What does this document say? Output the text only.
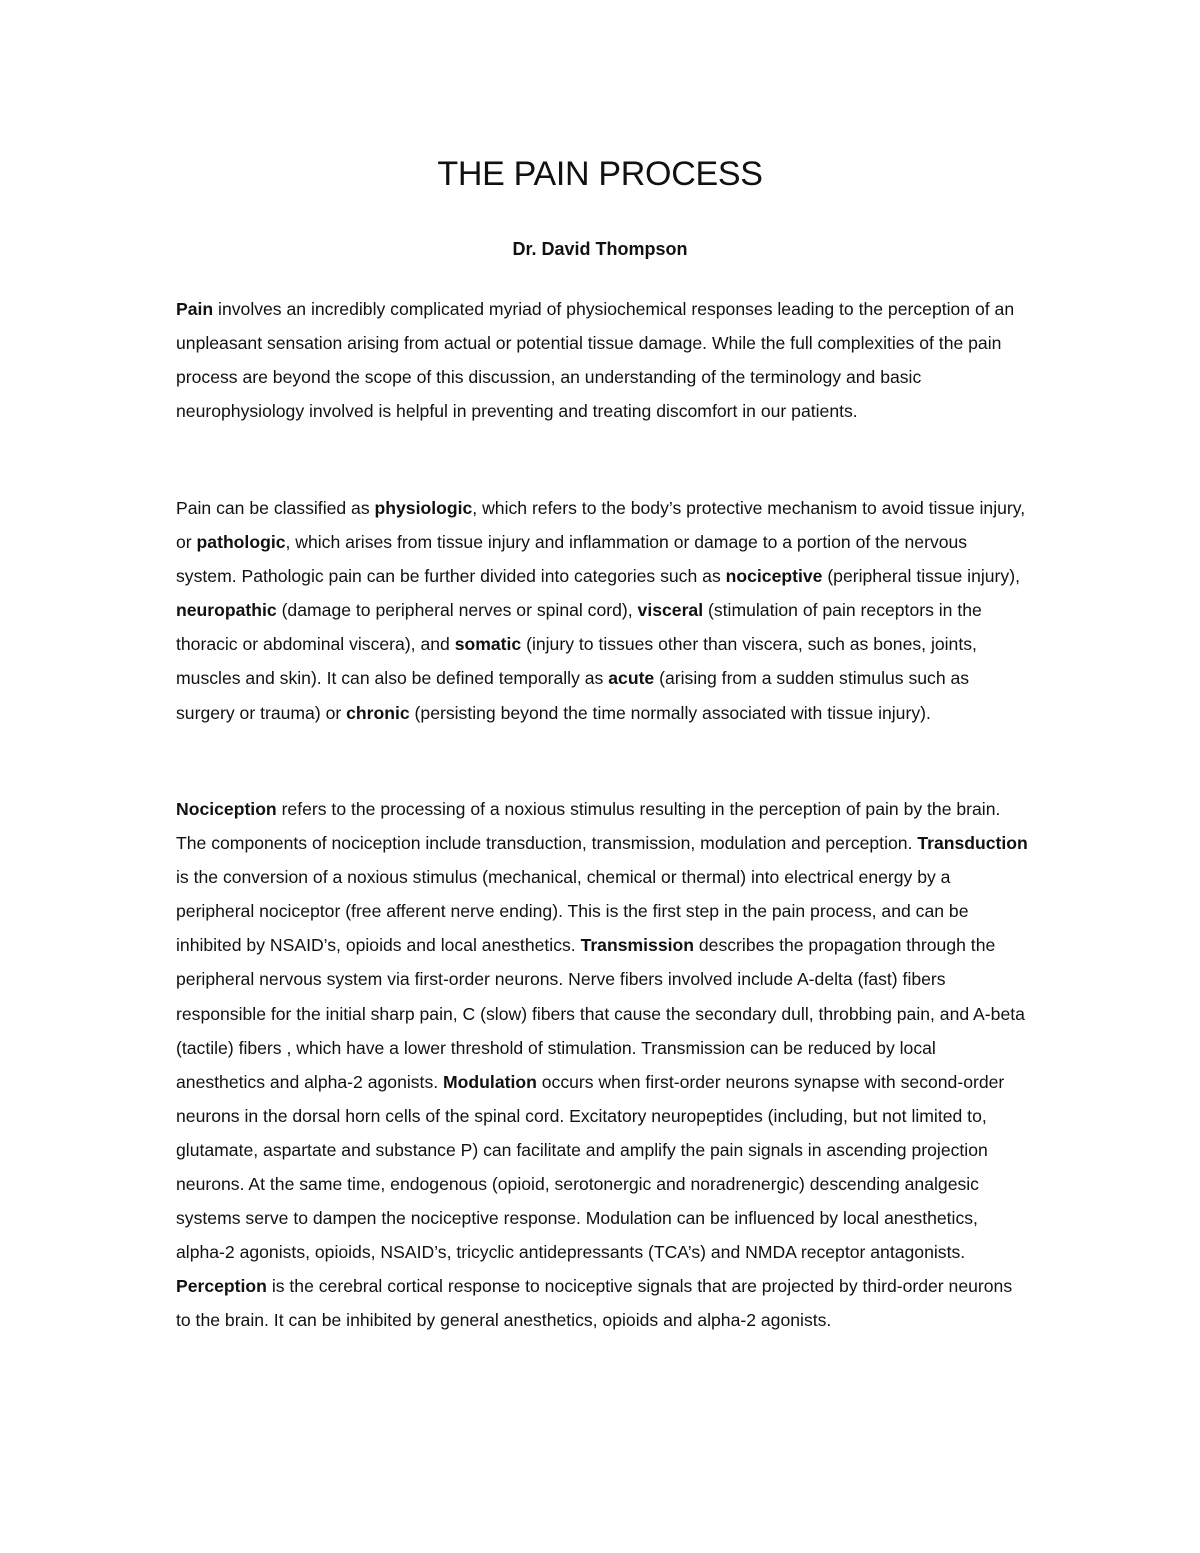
THE PAIN PROCESS

Dr. David Thompson

Pain involves an incredibly complicated myriad of physiochemical responses leading to the perception of an unpleasant sensation arising from actual or potential tissue damage. While the full complexities of the pain process are beyond the scope of this discussion, an understanding of the terminology and basic neurophysiology involved is helpful in preventing and treating discomfort in our patients.

Pain can be classified as physiologic, which refers to the body’s protective mechanism to avoid tissue injury, or pathologic, which arises from tissue injury and inflammation or damage to a portion of the nervous system. Pathologic pain can be further divided into categories such as nociceptive (peripheral tissue injury), neuropathic (damage to peripheral nerves or spinal cord), visceral (stimulation of pain receptors in the thoracic or abdominal viscera), and somatic (injury to tissues other than viscera, such as bones, joints, muscles and skin). It can also be defined temporally as acute (arising from a sudden stimulus such as surgery or trauma) or chronic (persisting beyond the time normally associated with tissue injury).

Nociception refers to the processing of a noxious stimulus resulting in the perception of pain by the brain. The components of nociception include transduction, transmission, modulation and perception. Transduction is the conversion of a noxious stimulus (mechanical, chemical or thermal) into electrical energy by a peripheral nociceptor (free afferent nerve ending). This is the first step in the pain process, and can be inhibited by NSAID’s, opioids and local anesthetics. Transmission describes the propagation through the peripheral nervous system via first-order neurons. Nerve fibers involved include A-delta (fast) fibers responsible for the initial sharp pain, C (slow) fibers that cause the secondary dull, throbbing pain, and A-beta (tactile) fibers , which have a lower threshold of stimulation. Transmission can be reduced by local anesthetics and alpha-2 agonists. Modulation occurs when first-order neurons synapse with second-order neurons in the dorsal horn cells of the spinal cord. Excitatory neuropeptides (including, but not limited to, glutamate, aspartate and substance P) can facilitate and amplify the pain signals in ascending projection neurons. At the same time, endogenous (opioid, serotonergic and noradrenergic) descending analgesic systems serve to dampen the nociceptive response. Modulation can be influenced by local anesthetics, alpha-2 agonists, opioids, NSAID’s, tricyclic antidepressants (TCA’s) and NMDA receptor antagonists. Perception is the cerebral cortical response to nociceptive signals that are projected by third-order neurons to the brain. It can be inhibited by general anesthetics, opioids and alpha-2 agonists.
